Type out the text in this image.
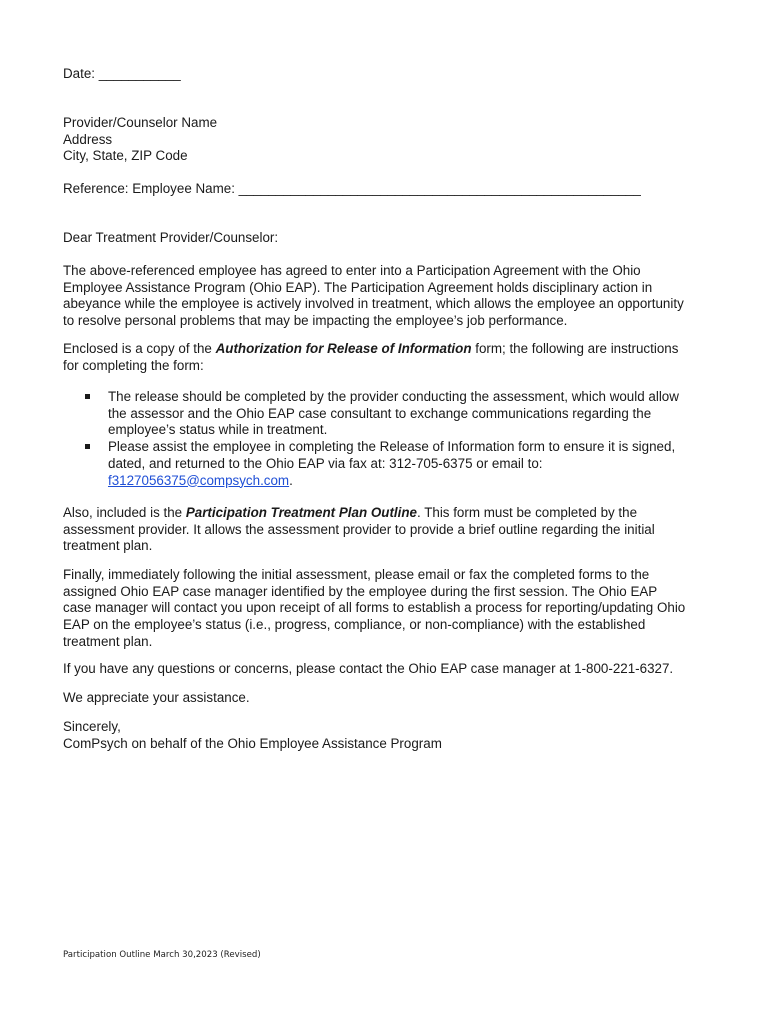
Date: ___________

Provider/Counselor Name
Address
City, State, ZIP Code

Reference: Employee Name: ______________________________________________________

Dear Treatment Provider/Counselor:

The above-referenced employee has agreed to enter into a Participation Agreement with the Ohio
Employee Assistance Program (Ohio EAP). The Participation Agreement holds disciplinary action in
abeyance while the employee is actively involved in treatment, which allows the employee an opportunity
to resolve personal problems that may be impacting the employee’s job performance.

Enclosed is a copy of the Authorization for Release of Information form; the following are instructions
for completing the form:

The release should be completed by the provider conducting the assessment, which would allow
the assessor and the Ohio EAP case consultant to exchange communications regarding the
employee’s status while in treatment.
Please assist the employee in completing the Release of Information form to ensure it is signed,
dated, and returned to the Ohio EAP via fax at: 312-705-6375 or email to:
f3127056375@compsych.com.

Also, included is the Participation Treatment Plan Outline. This form must be completed by the
assessment provider. It allows the assessment provider to provide a brief outline regarding the initial
treatment plan.

Finally, immediately following the initial assessment, please email or fax the completed forms to the
assigned Ohio EAP case manager identified by the employee during the first session. The Ohio EAP
case manager will contact you upon receipt of all forms to establish a process for reporting/updating Ohio
EAP on the employee’s status (i.e., progress, compliance, or non-compliance) with the established
treatment plan.

If you have any questions or concerns, please contact the Ohio EAP case manager at 1-800-221-6327.

We appreciate your assistance.

Sincerely,
ComPsych on behalf of the Ohio Employee Assistance Program

Participation Outline March 30,2023 (Revised)
